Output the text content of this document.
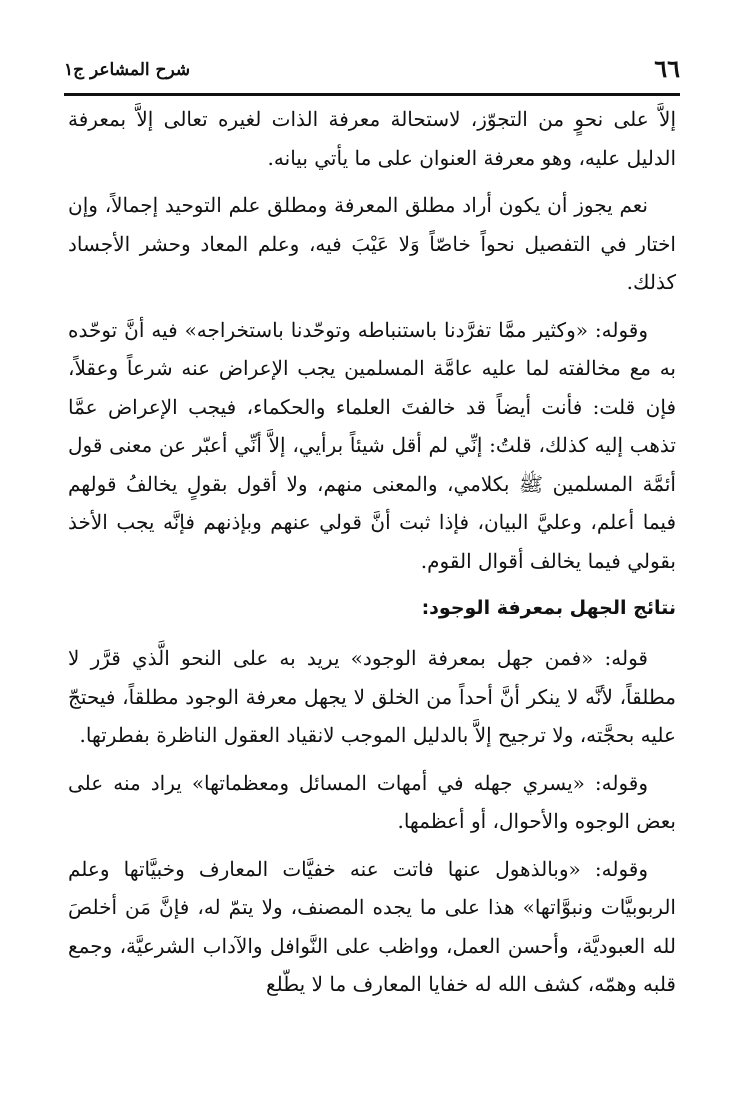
٦٦
شرح المشاعر ج١

إلاَّ على نحوٍ من التجوّز، لاستحالة معرفة الذات لغيره تعالى إلاَّ بمعرفة الدليل عليه، وهو معرفة العنوان على ما يأتي بيانه.

نعم يجوز أن يكون أراد مطلق المعرفة ومطلق علم التوحيد إجمالاً، وإن اختار في التفصيل نحواً خاصّاً وَلا عَيْبَ فيه، وعلم المعاد وحشر الأجساد كذلك.

وقوله: «وكثير ممَّا تفرَّدنا باستنباطه وتوحّدنا باستخراجه» فيه أنَّ توحّده به مع مخالفته لما عليه عامَّة المسلمين يجب الإعراض عنه شرعاً وعقلاً، فإن قلت: فأنت أيضاً قد خالفتَ العلماء والحكماء، فيجب الإعراض عمَّا تذهب إليه كذلك، قلتُ: إنِّي لم أقل شيئاً برأيي، إلاَّ أنِّي أعبّر عن معنى قول أئمَّة المسلمين ﷺ بكلامي، والمعنى منهم، ولا أقول بقولٍ يخالفُ قولهم فيما أعلم، وعليَّ البيان، فإذا ثبت أنَّ قولي عنهم وبإذنهم فإنَّه يجب الأخذ بقولي فيما يخالف أقوال القوم.

نتائج الجهل بمعرفة الوجود:

قوله: «فمن جهل بمعرفة الوجود» يريد به على النحو الَّذي قرَّر لا مطلقاً، لأنَّه لا ينكر أنَّ أحداً من الخلق لا يجهل معرفة الوجود مطلقاً، فيحتجّ عليه بحجَّته، ولا ترجيح إلاَّ بالدليل الموجب لانقياد العقول الناظرة بفطرتها.

وقوله: «يسري جهله في أمهات المسائل ومعظماتها» يراد منه على بعض الوجوه والأحوال، أو أعظمها.

وقوله: «وبالذهول عنها فاتت عنه خفيَّات المعارف وخبيَّاتها وعلم الربوبيَّات ونبوَّاتها» هذا على ما يجده المصنف، ولا يتمّ له، فإنَّ مَن أخلصَ لله العبوديَّة، وأحسن العمل، وواظب على النَّوافل والآداب الشرعيَّة، وجمع قلبه وهمّه، كشف الله له خفايا المعارف ما لا يطّلع
